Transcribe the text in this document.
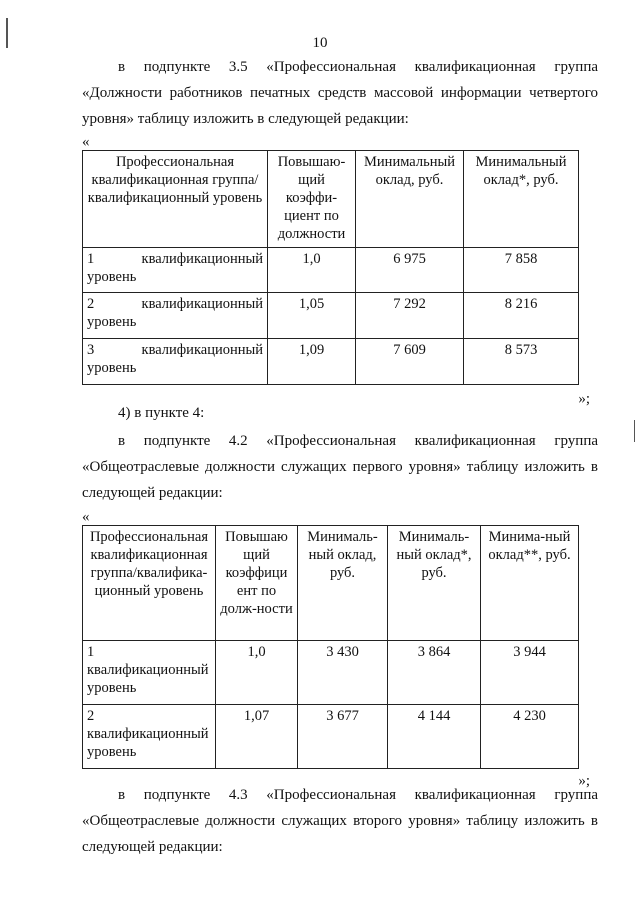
10
в подпункте 3.5 «Профессиональная квалификационная группа
«Должности работников печатных средств массовой информации четвертого
уровня» таблицу изложить в следующей редакции:
«
Профессиональная квалификационная группа/квалификационный уровень	Повышаю-щий коэффи-циент по должности	Минимальный оклад, руб.	Минимальный оклад*, руб.

1 квалификационный
уровень	1,0	6 975	7 858

2 квалификационный
уровень	1,05	7 292	8 216

3 квалификационный
уровень	1,09	7 609	8 573
»;
4) в пункте 4:
в подпункте 4.2 «Профессиональная квалификационная группа
«Общеотраслевые должности служащих первого уровня» таблицу изложить в
следующей редакции:
«
Профессиональная квалификационная группа/квалифика-ционный уровень	Повышаю щий коэффици ент по долж-ности	Минималь-ный оклад, руб.	Минималь-ный оклад*, руб.	Минима-ный оклад**, руб.

1
квалификационный
уровень	1,0	3 430	3 864	3 944

2
квалификационный
уровень	1,07	3 677	4 144	4 230
»;
в подпункте 4.3 «Профессиональная квалификационная группа
«Общеотраслевые должности служащих второго уровня» таблицу изложить в
следующей редакции:
